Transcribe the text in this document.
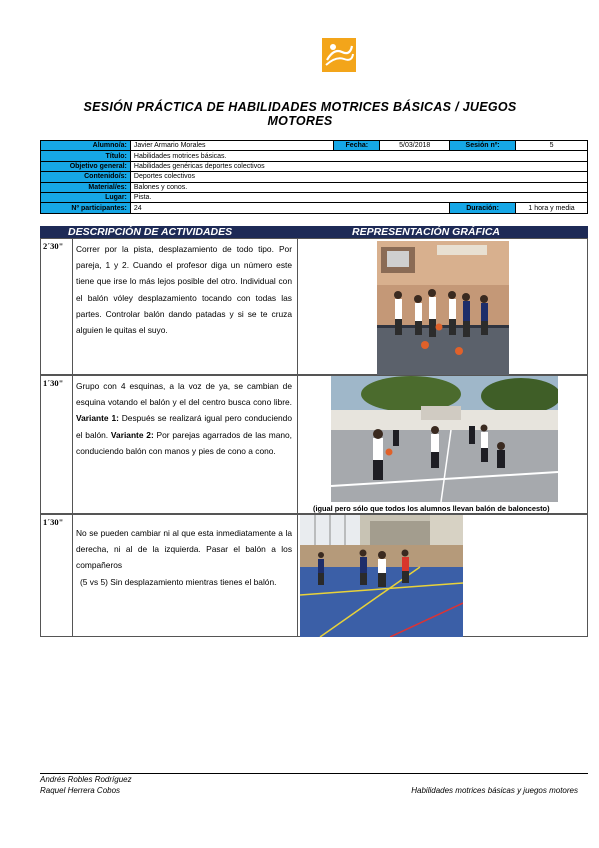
SESIÓN PRÁCTICA DE HABILIDADES MOTRICES BÁSICAS / JUEGOS MOTORES
Alumno/a:	Javier Armario Morales	Fecha:	5/03/2018	Sesión nº:	5
Título:	Habilidades motrices básicas.				
Objetivo general:	Habilidades genéricas deportes colectivos				
Contenido/s:	Deportes colectivos				
Material/es:	Balones y conos.				
Lugar:	Pista.				
Nº participantes:	24			Duración:	1 hora y media
DESCRIPCIÓN DE ACTIVIDADES	REPRESENTACIÓN GRÁFICA
2´30" Correr por la pista, desplazamiento de todo tipo. Por pareja, 1 y 2. Cuando el profesor diga un número este tiene que irse lo más lejos posible del otro. Individual con el balón vóley desplazamiento tocando con todas las partes. Controlar balón dando patadas y si se te cruza alguien le quitas el suyo.
1´30" Grupo con 4 esquinas, a la voz de ya, se cambian de esquina votando el balón y el del centro busca cono libre. Variante 1: Después se realizará igual pero conduciendo el balón. Variante 2: Por parejas agarrados de las mano, conduciendo balón con manos y pies de cono a cono.
(igual pero sólo que todos los alumnos llevan balón de baloncesto)
1´30"
No se pueden cambiar ni al que esta inmediatamente a la derecha, ni al de la izquierda. Pasar el balón a los compañeros
(5 vs 5) Sin desplazamiento mientras tienes el balón.
Andrés Robles Rodríguez
Raquel Herrera Cobos	Habilidades motrices básicas y juegos motores
